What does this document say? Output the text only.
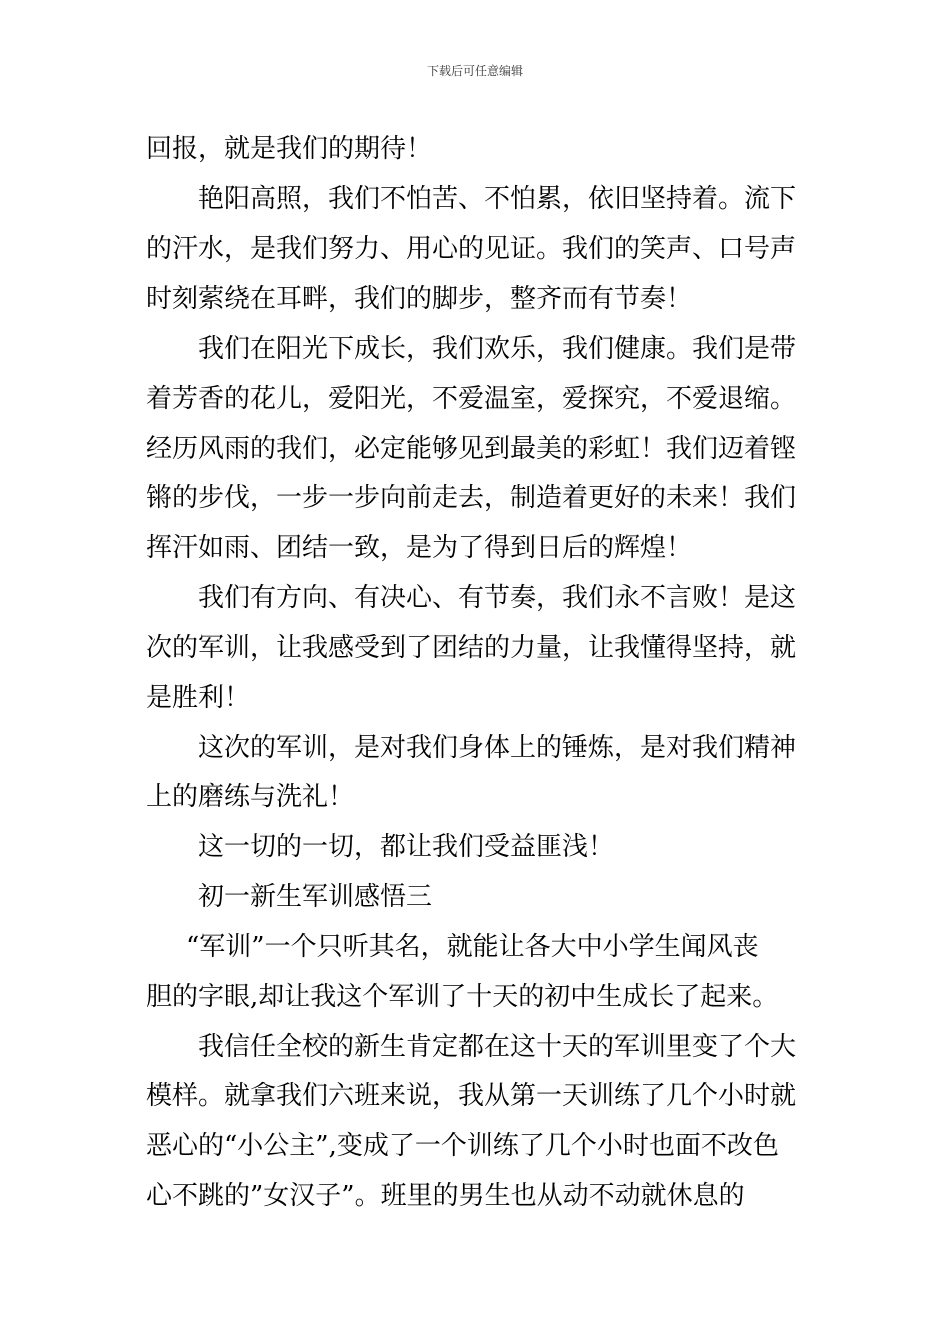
下载后可任意编辑
回报，就是我们的期待！
艳阳高照，我们不怕苦、不怕累，依旧坚持着。流下
的汗水，是我们努力、用心的见证。我们的笑声、口号声
时刻萦绕在耳畔，我们的脚步，整齐而有节奏！
我们在阳光下成长，我们欢乐，我们健康。我们是带
着芳香的花儿，爱阳光，不爱温室，爱探究，不爱退缩。
经历风雨的我们，必定能够见到最美的彩虹！我们迈着铿
锵的步伐，一步一步向前走去，制造着更好的未来！我们
挥汗如雨、团结一致，是为了得到日后的辉煌！
我们有方向、有决心、有节奏，我们永不言败！是这
次的军训，让我感受到了团结的力量，让我懂得坚持，就
是胜利！
这次的军训，是对我们身体上的锤炼，是对我们精神
上的磨练与洗礼！
这一切的一切，都让我们受益匪浅！
初一新生军训感悟三
“军训”一个只听其名，就能让各大中小学生闻风丧
胆的字眼,却让我这个军训了十天的初中生成长了起来。
我信任全校的新生肯定都在这十天的军训里变了个大
模样。就拿我们六班来说，我从第一天训练了几个小时就
恶心的“小公主”,变成了一个训练了几个小时也面不改色
心不跳的”女汉子”。班里的男生也从动不动就休息的
